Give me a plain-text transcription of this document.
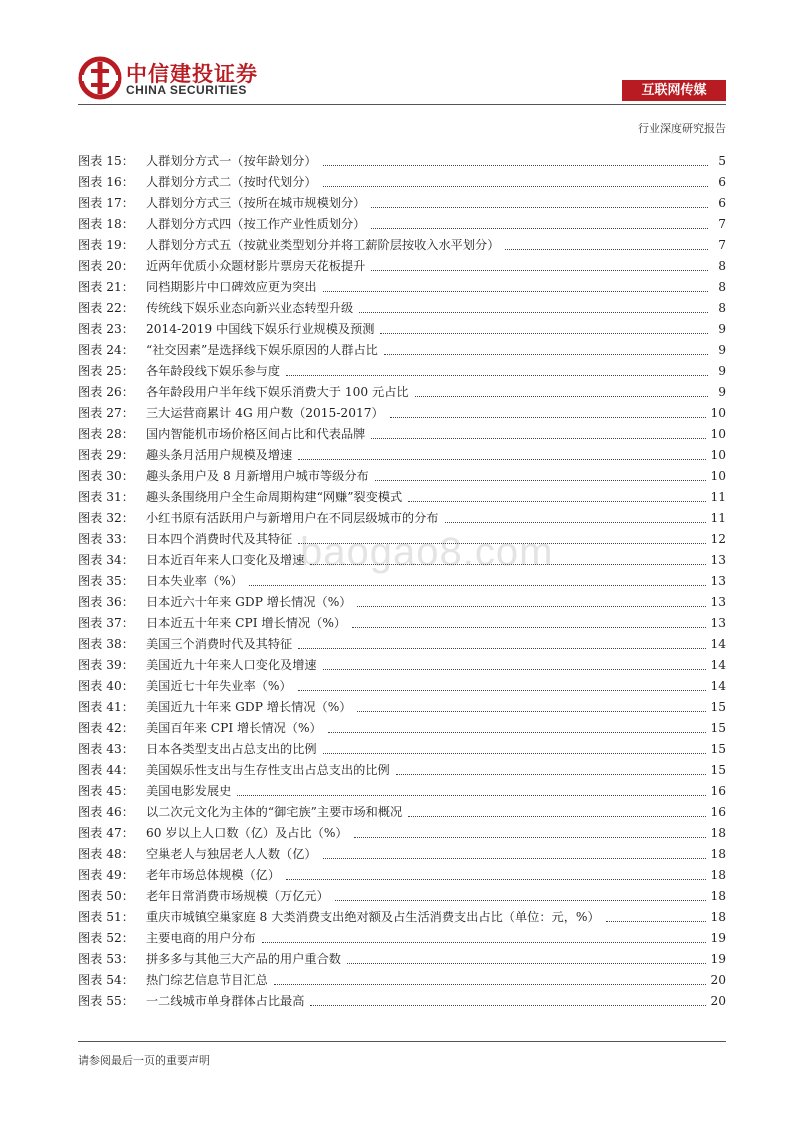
中信建投证券
CHINA SECURITIES	互联网传媒
行业深度研究报告
baogao8.com
图表 15： 人群划分方式一（按年龄划分）	5
图表 16： 人群划分方式二（按时代划分）	6
图表 17： 人群划分方式三（按所在城市规模划分）	6
图表 18： 人群划分方式四（按工作产业性质划分）	7
图表 19： 人群划分方式五（按就业类型划分并将工薪阶层按收入水平划分）	7
图表 20： 近两年优质小众题材影片票房天花板提升	8
图表 21： 同档期影片中口碑效应更为突出	8
图表 22： 传统线下娱乐业态向新兴业态转型升级	8
图表 23： 2014-2019 中国线下娱乐行业规模及预测	9
图表 24： “社交因素”是选择线下娱乐原因的人群占比	9
图表 25： 各年龄段线下娱乐参与度	9
图表 26： 各年龄段用户半年线下娱乐消费大于 100 元占比	9
图表 27： 三大运营商累计 4G 用户数（2015-2017）	10
图表 28： 国内智能机市场价格区间占比和代表品牌	10
图表 29： 趣头条月活用户规模及增速	10
图表 30： 趣头条用户及 8 月新增用户城市等级分布	10
图表 31： 趣头条围绕用户全生命周期构建“网赚”裂变模式	11
图表 32： 小红书原有活跃用户与新增用户在不同层级城市的分布	11
图表 33： 日本四个消费时代及其特征	12
图表 34： 日本近百年来人口变化及增速	13
图表 35： 日本失业率（%）	13
图表 36： 日本近六十年来 GDP 增长情况（%）	13
图表 37： 日本近五十年来 CPI 增长情况（%）	13
图表 38： 美国三个消费时代及其特征	14
图表 39： 美国近九十年来人口变化及增速	14
图表 40： 美国近七十年失业率（%）	14
图表 41： 美国近九十年来 GDP 增长情况（%）	15
图表 42： 美国百年来 CPI 增长情况（%）	15
图表 43： 日本各类型支出占总支出的比例	15
图表 44： 美国娱乐性支出与生存性支出占总支出的比例	15
图表 45： 美国电影发展史	16
图表 46： 以二次元文化为主体的“御宅族”主要市场和概况	16
图表 47： 60 岁以上人口数（亿）及占比（%）	18
图表 48： 空巢老人与独居老人人数（亿）	18
图表 49： 老年市场总体规模（亿）	18
图表 50： 老年日常消费市场规模（万亿元）	18
图表 51： 重庆市城镇空巢家庭 8 大类消费支出绝对额及占生活消费支出占比（单位：元，%）	18
图表 52： 主要电商的用户分布	19
图表 53： 拼多多与其他三大产品的用户重合数	19
图表 54： 热门综艺信息节目汇总	20
图表 55： 一二线城市单身群体占比最高	20
请参阅最后一页的重要声明
